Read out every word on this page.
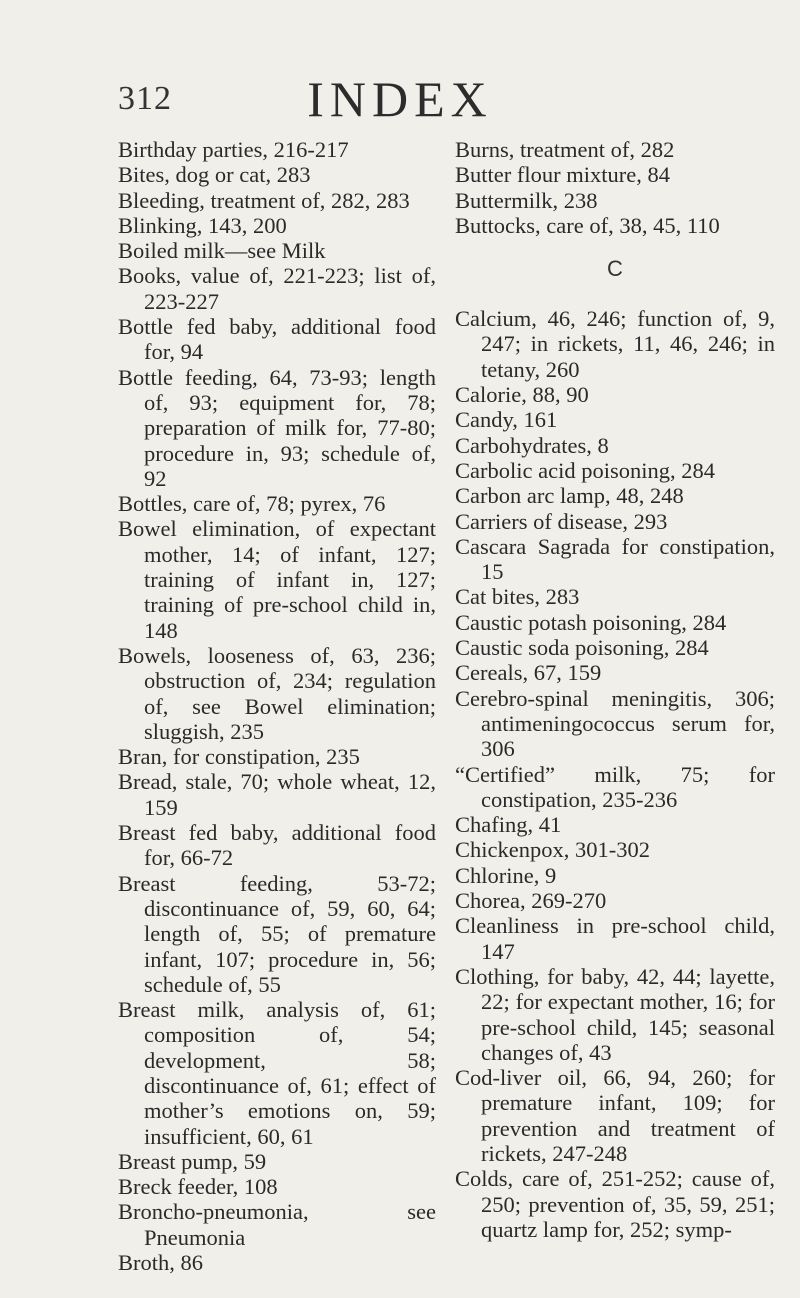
312	INDEX
Birthday parties, 216-217
Bites, dog or cat, 283
Bleeding, treatment of, 282, 283
Blinking, 143, 200
Boiled milk—see Milk
Books, value of, 221-223; list of, 223-227
Bottle fed baby, additional food for, 94
Bottle feeding, 64, 73-93; length of, 93; equipment for, 78; preparation of milk for, 77-80; procedure in, 93; schedule of, 92
Bottles, care of, 78; pyrex, 76
Bowel elimination, of expectant mother, 14; of infant, 127; training of infant in, 127; training of pre-school child in, 148
Bowels, looseness of, 63, 236; obstruction of, 234; regulation of, see Bowel elimination; sluggish, 235
Bran, for constipation, 235
Bread, stale, 70; whole wheat, 12, 159
Breast fed baby, additional food for, 66-72
Breast feeding, 53-72; discontinuance of, 59, 60, 64; length of, 55; of premature infant, 107; procedure in, 56; schedule of, 55
Breast milk, analysis of, 61; composition of, 54; development, 58; discontinuance of, 61; effect of mother’s emotions on, 59; insufficient, 60, 61
Breast pump, 59
Breck feeder, 108
Broncho-pneumonia, see Pneumonia
Broth, 86
Burns, treatment of, 282
Butter flour mixture, 84
Buttermilk, 238
Buttocks, care of, 38, 45, 110
C
Calcium, 46, 246; function of, 9, 247; in rickets, 11, 46, 246; in tetany, 260
Calorie, 88, 90
Candy, 161
Carbohydrates, 8
Carbolic acid poisoning, 284
Carbon arc lamp, 48, 248
Carriers of disease, 293
Cascara Sagrada for constipation, 15
Cat bites, 283
Caustic potash poisoning, 284
Caustic soda poisoning, 284
Cereals, 67, 159
Cerebro-spinal meningitis, 306; antimeningococcus serum for, 306
“Certified” milk, 75; for constipation, 235-236
Chafing, 41
Chickenpox, 301-302
Chlorine, 9
Chorea, 269-270
Cleanliness in pre-school child, 147
Clothing, for baby, 42, 44; layette, 22; for expectant mother, 16; for pre-school child, 145; seasonal changes of, 43
Cod-liver oil, 66, 94, 260; for premature infant, 109; for prevention and treatment of rickets, 247-248
Colds, care of, 251-252; cause of, 250; prevention of, 35, 59, 251; quartz lamp for, 252; symp-
